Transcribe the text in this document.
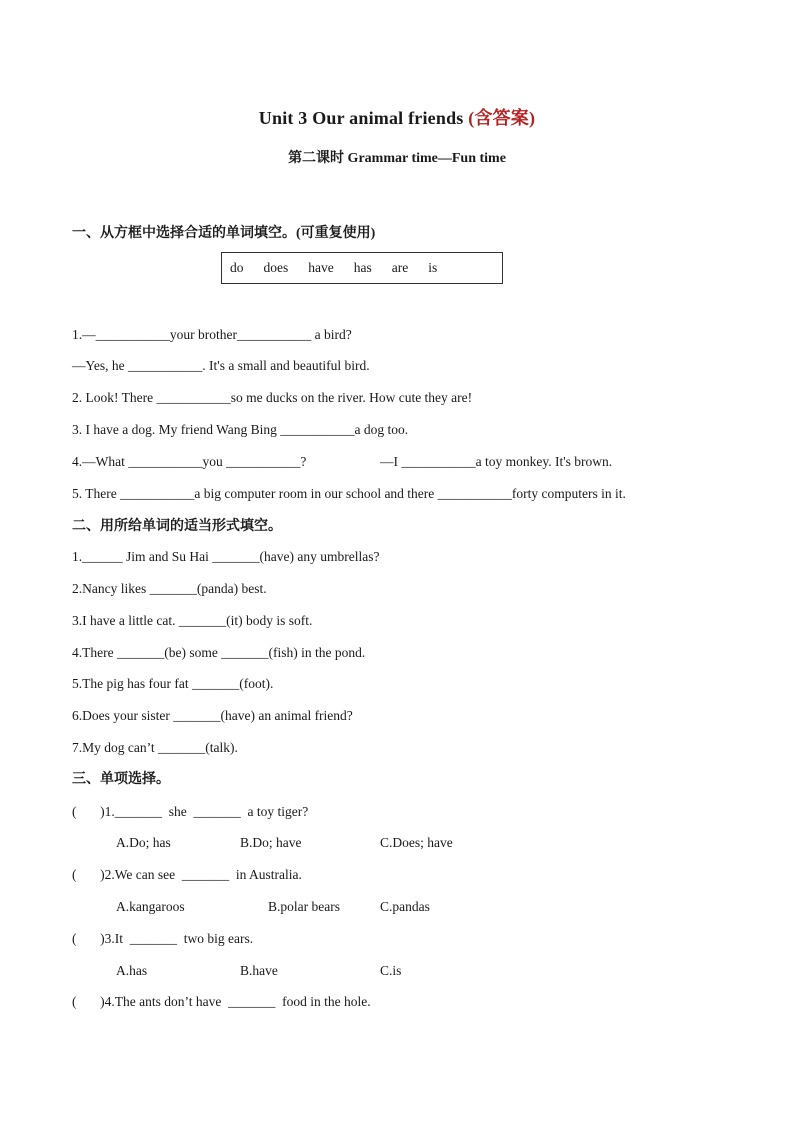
Unit 3 Our animal friends (含答案)
第二课时 Grammar time—Fun time
一、从方框中选择合适的单词填空。(可重复使用)
do does have has are is
1.—___________your brother___________ a bird?
—Yes, he ___________. It's a small and beautiful bird.
2. Look! There ___________so me ducks on the river. How cute they are!
3. I have a dog. My friend Wang Bing ___________a dog too.
4.—What ___________you ___________?	—I ___________a toy monkey. It's brown.
5. There ___________a big computer room in our school and there ___________forty computers in it.
二、用所给单词的适当形式填空。
1.______ Jim and Su Hai _______(have) any umbrellas?
2.Nancy likes _______(panda) best.
3.I have a little cat. _______(it) body is soft.
4.There _______(be) some _______(fish) in the pond.
5.The pig has four fat _______(foot).
6.Does your sister _______(have) an animal friend?
7.My dog can’t _______(talk).
三、单项选择。
(       )1._______  she  _______  a toy tiger?
A.Do; has	B.Do; have	C.Does; have
(       )2.We can see  _______  in Australia.
A.kangaroos	B.polar bears	C.pandas
(       )3.It  _______  two big ears.
A.has	B.have	C.is
(       )4.The ants don’t have  _______  food in the hole.
